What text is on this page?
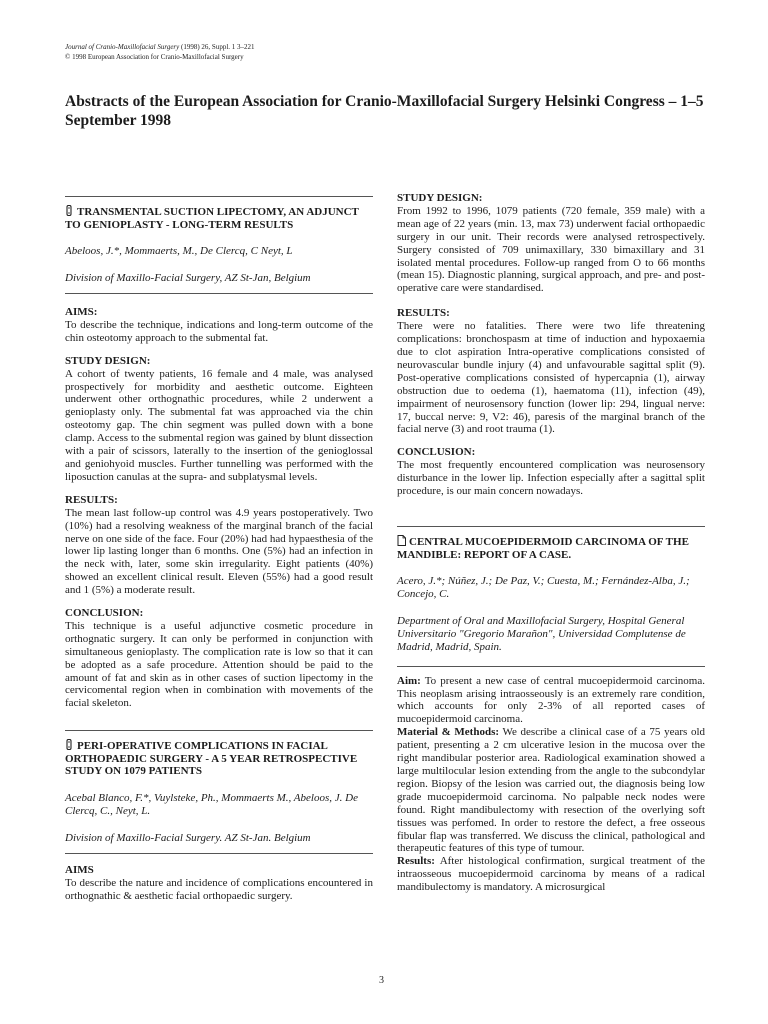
Journal of Cranio-Maxillofacial Surgery (1998) 26, Suppl. 1 3–221
© 1998 European Association for Cranio-Maxillofacial Surgery
Abstracts of the European Association for Cranio-Maxillofacial Surgery Helsinki Congress – 1–5 September 1998
TRANSMENTAL SUCTION LIPECTOMY, AN ADJUNCT TO GENIOPLASTY - LONG-TERM RESULTS
Abeloos, J.*, Mommaerts, M., De Clercq, C Neyt, L
Division of Maxillo-Facial Surgery, AZ St-Jan, Belgium
AIMS:

To describe the technique, indications and long-term outcome of the chin osteotomy approach to the submental fat.

STUDY DESIGN:

A cohort of twenty patients, 16 female and 4 male, was analysed prospectively for morbidity and aesthetic outcome. Eighteen underwent other orthognathic procedures, while 2 underwent a genioplasty only. The submental fat was approached via the chin osteotomy gap. The chin segment was pulled down with a bone clamp. Access to the submental region was gained by blunt dissection with a pair of scissors, laterally to the insertion of the genioglossal and geniohyoid muscles. Further tunnelling was performed with the liposuction canulas at the supra- and subplatysmal levels.

RESULTS:

The mean last follow-up control was 4.9 years postoperatively. Two (10%) had a resolving weakness of the marginal branch of the facial nerve on one side of the face. Four (20%) had had hypaesthesia of the lower lip lasting longer than 6 months. One (5%) had an infection in the neck with, later, some skin irregularity. Eight patients (40%) showed an excellent clinical result. Eleven (55%) had a good result and 1 (5%) a moderate result.

CONCLUSION:

This technique is a useful adjunctive cosmetic procedure in orthognatic surgery. It can only be performed in conjunction with simultaneous genioplasty. The complication rate is low so that it can be adopted as a safe procedure. Attention should be paid to the amount of fat and skin as in other cases of suction lipectomy in the cervicomental region when in combination with movements of the facial skeleton.

PERI-OPERATIVE COMPLICATIONS IN FACIAL ORTHOPAEDIC SURGERY - A 5 YEAR RETROSPECTIVE STUDY ON 1079 PATIENTS
Acebal Blanco, F.*, Vuylsteke, Ph., Mommaerts M., Abeloos, J. De Clercq, C., Neyt, L.
Division of Maxillo-Facial Surgery. AZ St-Jan. Belgium
AIMS

To describe the nature and incidence of complications encountered in orthognathic & aesthetic facial orthopaedic surgery.

STUDY DESIGN:

From 1992 to 1996, 1079 patients (720 female, 359 male) with a mean age of 22 years (min. 13, max 73) underwent facial orthopaedic surgery in our unit. Their records were analysed retrospectively. Surgery consisted of 709 unimaxillary, 330 bimaxillary and 31 isolated mental procedures. Follow-up ranged from O to 66 months (mean 15). Diagnostic planning, surgical approach, and pre- and post-operative care were standardised.

RESULTS:

There were no fatalities. There were two life threatening complications: bronchospasm at time of induction and hypoxaemia due to clot aspiration Intra-operative complications consisted of neurovascular bundle injury (4) and unfavourable sagittal split (9). Post-operative complications consisted of hypercapnia (1), airway obstruction due to oedema (1), haematoma (11), infection (49), impairment of neurosensory function (lower lip: 294, lingual nerve: 17, buccal nerve: 9, V2: 46), paresis of the marginal branch of the facial nerve (3) and root trauma (1).

CONCLUSION:

The most frequently encountered complication was neurosensory disturbance in the lower lip. Infection especially after a sagittal split procedure, is our main concern nowadays.

CENTRAL MUCOEPIDERMOID CARCINOMA OF THE MANDIBLE: REPORT OF A CASE.
Acero, J.*; Núñez, J.; De Paz, V.; Cuesta, M.; Fernández-Alba, J.; Concejo, C.
Department of Oral and Maxillofacial Surgery, Hospital General Universitario "Gregorio Marañon", Universidad Complutense de Madrid, Madrid, Spain.

Aim: To present a new case of central mucoepidermoid carcinoma. This neoplasm arising intraosseously is an extremely rare condition, which accounts for only 2-3% of all reported cases of mucoepidermoid carcinoma.

Material & Methods: We describe a clinical case of a 75 years old patient, presenting a 2 cm ulcerative lesion in the mucosa over the right mandibular posterior area. Radiological examination showed a large multilocular lesion extending from the angle to the subcondylar region. Biopsy of the lesion was carried out, the diagnosis being low grade mucoepidermoid carcinoma. No palpable neck nodes were found. Right mandibulectomy with resection of the overlying soft tissues was perfomed. In order to restore the defect, a free osseous fibular flap was transferred. We discuss the clinical, pathological and therapeutic features of this type of tumour.

Results: After histological confirmation, surgical treatment of the intraosseous mucoepidermoid carcinoma by means of a radical mandibulectomy is mandatory. A microsurgical

3
